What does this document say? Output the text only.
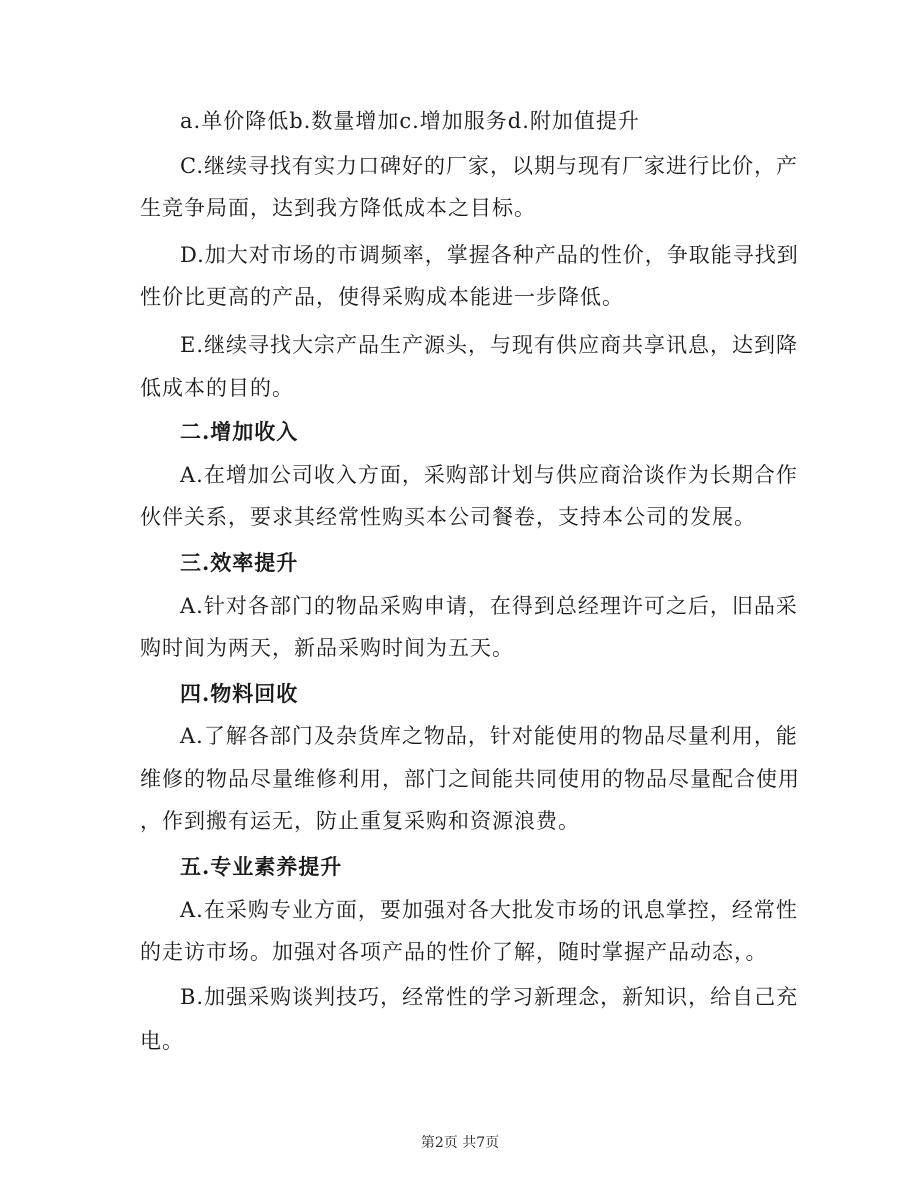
a.单价降低b.数量增加c.增加服务d.附加值提升
C.继续寻找有实力口碑好的厂家，以期与现有厂家进行比价，产
生竞争局面，达到我方降低成本之目标。
D.加大对市场的市调频率，掌握各种产品的性价，争取能寻找到
性价比更高的产品，使得采购成本能进一步降低。
E.继续寻找大宗产品生产源头，与现有供应商共享讯息，达到降
低成本的目的。
二.增加收入
A.在增加公司收入方面，采购部计划与供应商洽谈作为长期合作
伙伴关系，要求其经常性购买本公司餐卷，支持本公司的发展。
三.效率提升
A.针对各部门的物品采购申请，在得到总经理许可之后，旧品采
购时间为两天，新品采购时间为五天。
四.物料回收
A.了解各部门及杂货库之物品，针对能使用的物品尽量利用，能
维修的物品尽量维修利用，部门之间能共同使用的物品尽量配合使用
，作到搬有运无，防止重复采购和资源浪费。
五.专业素养提升
A.在采购专业方面，要加强对各大批发市场的讯息掌控，经常性
的走访市场。加强对各项产品的性价了解，随时掌握产品动态，。
B.加强采购谈判技巧，经常性的学习新理念，新知识，给自己充
电。
第2页 共7页
